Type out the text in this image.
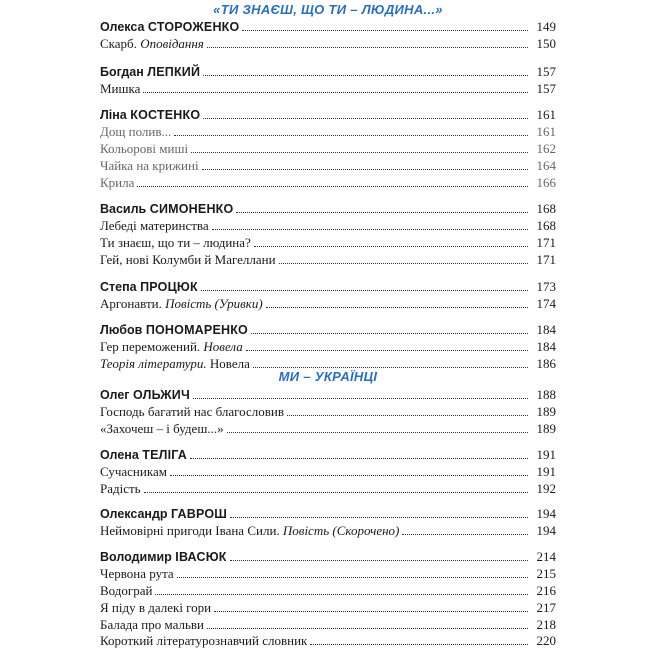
«ТИ ЗНАЄШ, ЩО ТИ – ЛЮДИНА...»
Олекса СТОРОЖЕНКО	149
Скарб. Оповідання	150
Богдан ЛЕПКИЙ	157
Мишка	157
Ліна КОСТЕНКО	161
Дощ полив...	161
Кольорові миші	162
Чайка на крижині	164
Крила	166
Василь СИМОНЕНКО	168
Лебеді материнства	168
Ти знаєш, що ти – людина?	171
Гей, нові Колумби й Магеллани	171
Степа ПРОЦЮК	173
Аргонавти. Повість (Уривки)	174
Любов ПОНОМАРЕНКО	184
Гер переможений. Новела	184
Теорія літератури. Новела	186
МИ – УКРАЇНЦІ
Олег ОЛЬЖИЧ	188
Господь багатий нас благословив	189
«Захочеш – і будеш...»	189
Олена ТЕЛІГА	191
Сучасникам	191
Радість	192
Олександр ГАВРОШ	194
Неймовірні пригоди Івана Сили. Повість (Скорочено)	194
Володимир ІВАСЮК	214
Червона рута	215
Водограй	216
Я піду в далекі гори	217
Балада про мальви	218
Короткий літературознавчий словник	220
